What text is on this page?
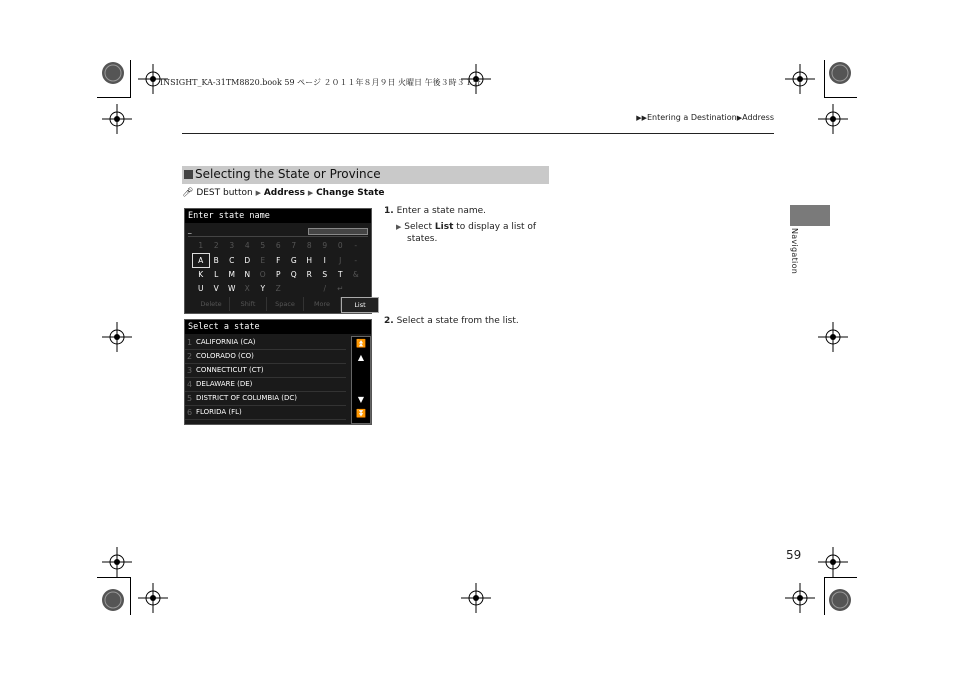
INSIGHT_KA-31TM8820.book 59 ページ ２０１１年８月９日 火曜日 午後３時３１分
▶▶Entering a Destination▶Address
Selecting the State or Province
🎤︎ DEST button ▶ Address ▶ Change State
Enter state name
_
1	2	3	4	5	6	7	8	9	0	-
A	B	C	D	E	F	G	H	I	J	-
K	L	M	N	O	P	Q	R	S	T	&
U	V	W	X	Y	Z	/	↵
Delete	Shift	Space	More	List
Select a state
1 CALIFORNIA (CA)
2 COLORADO (CO)
3 CONNECTICUT (CT)
4 DELAWARE (DE)
5 DISTRICT OF COLUMBIA (DC)
6 FLORIDA (FL)
⏫
▲
▼
⏬
1. Enter a state name.
▶ Select List to display a list of
states.
2. Select a state from the list.
Navigation
59
